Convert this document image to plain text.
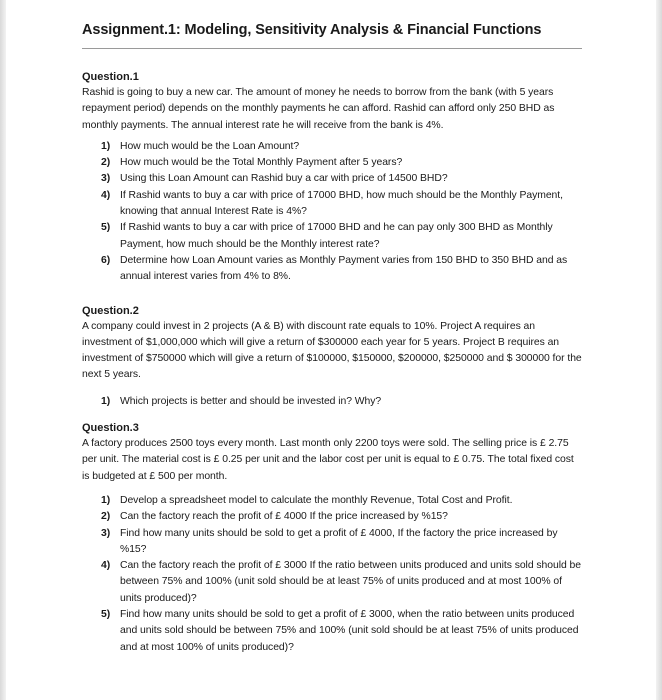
Assignment.1: Modeling, Sensitivity Analysis & Financial Functions

Question.1

Rashid is going to buy a new car. The amount of money he needs to borrow from the bank (with 5 years repayment period) depends on the monthly payments he can afford. Rashid can afford only 250 BHD as monthly payments. The annual interest rate he will receive from the bank is 4%.

1) How much would be the Loan Amount?
2) How much would be the Total Monthly Payment after 5 years?
3) Using this Loan Amount can Rashid buy a car with price of 14500 BHD?
4) If Rashid wants to buy a car with price of 17000 BHD, how much should be the Monthly Payment, knowing that annual Interest Rate is 4%?
5) If Rashid wants to buy a car with price of 17000 BHD and he can pay only 300 BHD as Monthly Payment, how much should be the Monthly interest rate?
6) Determine how Loan Amount varies as Monthly Payment varies from 150 BHD to 350 BHD and as annual interest varies from 4% to 8%.

Question.2

A company could invest in 2 projects (A & B) with discount rate equals to 10%. Project A requires an investment of $1,000,000 which will give a return of $300000 each year for 5 years. Project B requires an investment of $750000 which will give a return of $100000, $150000, $200000, $250000 and $ 300000 for the next 5 years.

1) Which projects is better and should be invested in? Why?

Question.3

A factory produces 2500 toys every month. Last month only 2200 toys were sold. The selling price is £ 2.75 per unit. The material cost is £ 0.25 per unit and the labor cost per unit is equal to £ 0.75. The total fixed cost is budgeted at £ 500 per month.

1) Develop a spreadsheet model to calculate the monthly Revenue, Total Cost and Profit.
2) Can the factory reach the profit of £ 4000 If the price increased by %15?
3) Find how many units should be sold to get a profit of £ 4000, If the factory the price increased by %15?
4) Can the factory reach the profit of £ 3000 If the ratio between units produced and units sold should be between 75% and 100% (unit sold should be at least 75% of units produced and at most 100% of units produced)?
5) Find how many units should be sold to get a profit of £ 3000, when the ratio between units produced and units sold should be between 75% and 100% (unit sold should be at least 75% of units produced and at most 100% of units produced)?
